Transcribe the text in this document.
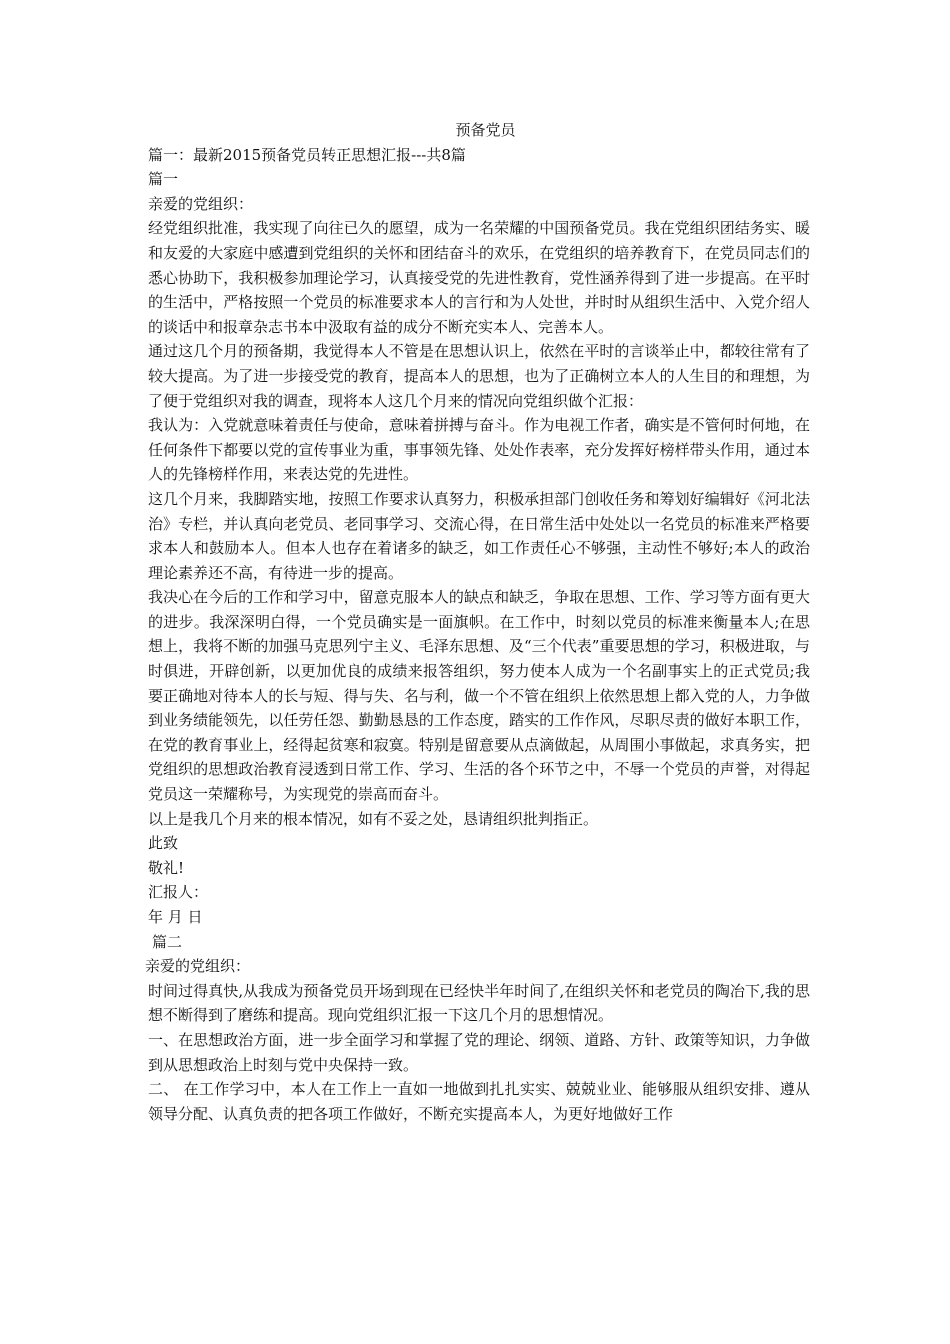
预备党员

篇一：最新2015预备党员转正思想汇报---共8篇

篇一

亲爱的党组织：

经党组织批准，我实现了向往已久的愿望，成为一名荣耀的中国预备党员。我在党组织团结务实、暖和友爱的大家庭中感遭到党组织的关怀和团结奋斗的欢乐，在党组织的培养教育下，在党员同志们的悉心协助下，我积极参加理论学习，认真接受党的先进性教育，党性涵养得到了进一步提高。在平时的生活中，严格按照一个党员的标准要求本人的言行和为人处世，并时时从组织生活中、入党介绍人的谈话中和报章杂志书本中汲取有益的成分不断充实本人、完善本人。

通过这几个月的预备期，我觉得本人不管是在思想认识上，依然在平时的言谈举止中，都较往常有了较大提高。为了进一步接受党的教育，提高本人的思想，也为了正确树立本人的人生目的和理想，为了便于党组织对我的调查，现将本人这几个月来的情况向党组织做个汇报：

我认为：入党就意味着责任与使命，意味着拼搏与奋斗。作为电视工作者，确实是不管何时何地，在任何条件下都要以党的宣传事业为重，事事领先锋、处处作表率，充分发挥好榜样带头作用，通过本人的先锋榜样作用，来表达党的先进性。

这几个月来，我脚踏实地，按照工作要求认真努力，积极承担部门创收任务和筹划好编辑好《河北法治》专栏，并认真向老党员、老同事学习、交流心得，在日常生活中处处以一名党员的标准来严格要求本人和鼓励本人。但本人也存在着诸多的缺乏，如工作责任心不够强，主动性不够好;本人的政治理论素养还不高，有待进一步的提高。

我决心在今后的工作和学习中，留意克服本人的缺点和缺乏，争取在思想、工作、学习等方面有更大的进步。我深深明白得，一个党员确实是一面旗帜。在工作中，时刻以党员的标准来衡量本人;在思想上，我将不断的加强马克思列宁主义、毛泽东思想、及“三个代表”重要思想的学习，积极进取，与时俱进，开辟创新，以更加优良的成绩来报答组织，努力使本人成为一个名副事实上的正式党员;我要正确地对待本人的长与短、得与失、名与利，做一个不管在组织上依然思想上都入党的人，力争做到业务绩能领先，以任劳任怨、勤勤恳恳的工作态度，踏实的工作作风，尽职尽责的做好本职工作，在党的教育事业上，经得起贫寒和寂寞。特别是留意要从点滴做起，从周围小事做起，求真务实，把党组织的思想政治教育浸透到日常工作、学习、生活的各个环节之中，不辱一个党员的声誉，对得起党员这一荣耀称号，为实现党的崇高而奋斗。

以上是我几个月来的根本情况，如有不妥之处，恳请组织批判指正。

此致

敬礼!

汇报人：

年 月 日

篇二

亲爱的党组织：

时间过得真快,从我成为预备党员开场到现在已经快半年时间了,在组织关怀和老党员的陶冶下,我的思想不断得到了磨练和提高。现向党组织汇报一下这几个月的思想情况。

一、在思想政治方面，进一步全面学习和掌握了党的理论、纲领、道路、方针、政策等知识，力争做到从思想政治上时刻与党中央保持一致。

二、 在工作学习中，本人在工作上一直如一地做到扎扎实实、兢兢业业、能够服从组织安排、遵从领导分配、认真负责的把各项工作做好，不断充实提高本人，为更好地做好工作
